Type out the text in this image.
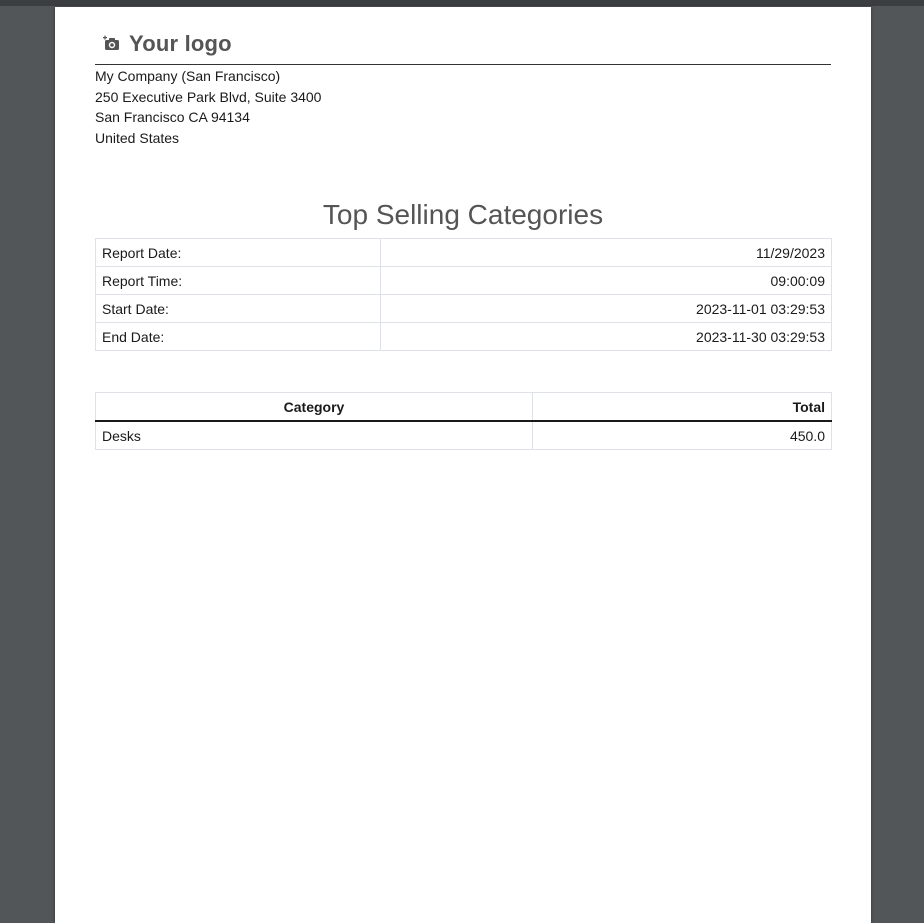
Your logo
My Company (San Francisco)
250 Executive Park Blvd, Suite 3400
San Francisco CA 94134
United States
Top Selling Categories
Report Date:	11/29/2023
Report Time:	09:00:09
Start Date:	2023-11-01 03:29:53
End Date:	2023-11-30 03:29:53
Category	Total
Desks	450.0
